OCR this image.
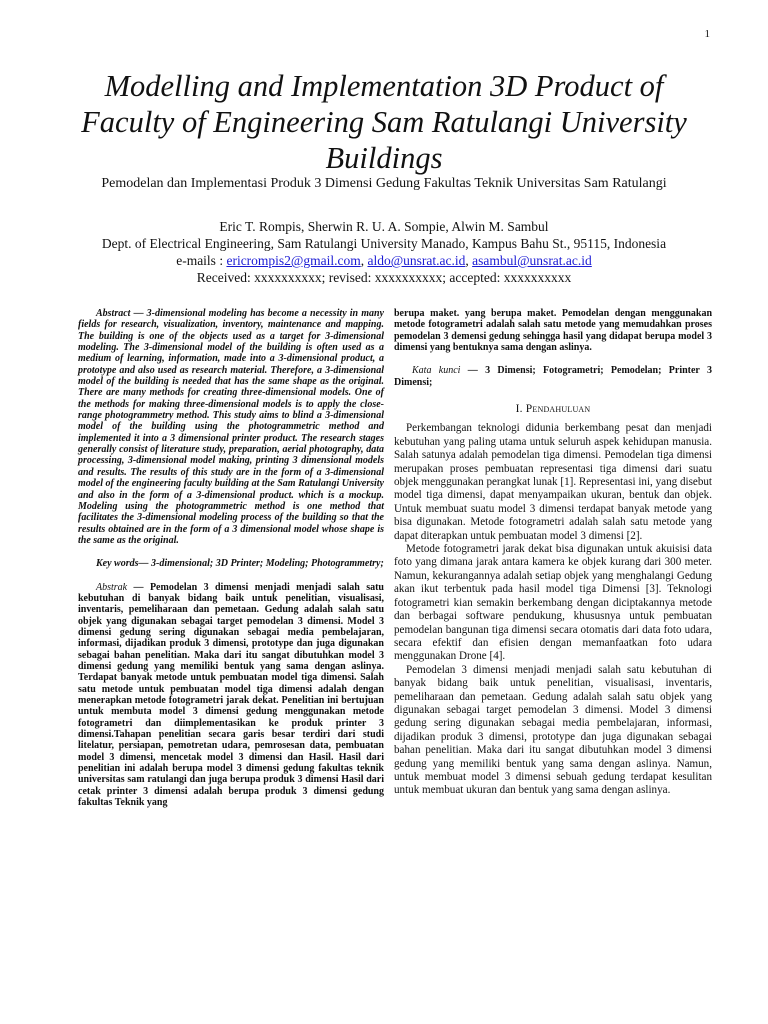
1
Modelling and Implementation 3D Product of Faculty of Engineering Sam Ratulangi University Buildings

Pemodelan dan Implementasi Produk 3 Dimensi Gedung Fakultas Teknik Universitas Sam Ratulangi

Eric T. Rompis, Sherwin R. U. A. Sompie, Alwin M. Sambul
Dept. of Electrical Engineering, Sam Ratulangi University Manado, Kampus Bahu St., 95115, Indonesia
e-mails : ericrompis2@gmail.com, aldo@unsrat.ac.id, asambul@unsrat.ac.id
Received: xxxxxxxxxx; revised: xxxxxxxxxx; accepted: xxxxxxxxxx

Abstract — 3-dimensional modeling has become a necessity in many fields for research, visualization, inventory, maintenance and mapping. The building is one of the objects used as a target for 3-dimensional modeling. The 3-dimensional model of the building is often used as a medium of learning, information, made into a 3-dimensional product, a prototype and also used as research material. Therefore, a 3-dimensional model of the building is needed that has the same shape as the original. There are many methods for creating three-dimensional models. One of the methods for making three-dimensional models is to apply the close-range photogrammetry method. This study aims to blind a 3-dimensional model of the building using the photogrammetric method and implemented it into a 3 dimensional printer product. The research stages generally consist of literature study, preparation, aerial photography, data processing, 3-dimensional model making, printing 3 dimensional models and results. The results of this study are in the form of a 3-dimensional model of the engineering faculty building at the Sam Ratulangi University and also in the form of a 3-dimensional product. which is a mockup. Modeling using the photogrammetric method is one method that facilitates the 3-dimensional modeling process of the building so that the results obtained are in the form of a 3 dimensional model whose shape is the same as the original.

Key words— 3-dimensional; 3D Printer; Modeling; Photogrammetry;

Abstrak — Pemodelan 3 dimensi menjadi menjadi salah satu kebutuhan di banyak bidang baik untuk penelitian, visualisasi, inventaris, pemeliharaan dan pemetaan. Gedung adalah salah satu objek yang digunakan sebagai target pemodelan 3 dimensi. Model 3 dimensi gedung sering digunakan sebagai media pembelajaran, informasi, dijadikan produk 3 dimensi, prototype dan juga digunakan sebagai bahan penelitian. Maka dari itu sangat dibutuhkan model 3 dimensi gedung yang memiliki bentuk yang sama dengan aslinya. Terdapat banyak metode untuk pembuatan model tiga dimensi. Salah satu metode untuk pembuatan model tiga dimensi adalah dengan menerapkan metode fotogrametri jarak dekat. Penelitian ini bertujuan untuk membuta model 3 dimensi gedung menggunakan metode fotogrametri dan diimplementasikan ke produk printer 3 dimensi.Tahapan penelitian secara garis besar terdiri dari studi litelatur, persiapan, pemotretan udara, pemrosesan data, pembuatan model 3 dimensi, mencetak model 3 dimensi dan Hasil. Hasil dari penelitian ini adalah berupa model 3 dimensi gedung fakultas teknik universitas sam ratulangi dan juga berupa produk 3 dimensi Hasil dari cetak printer 3 dimensi adalah berupa produk 3 dimensi gedung fakultas Teknik yang

berupa maket. yang berupa maket. Pemodelan dengan menggunakan metode fotogrametri adalah salah satu metode yang memudahkan proses pemodelan 3 demensi gedung sehingga hasil yang didapat berupa model 3 dimensi yang bentuknya sama dengan aslinya.

Kata kunci — 3 Dimensi; Fotogrametri; Pemodelan; Printer 3 Dimensi;

I. Pendahuluan

Perkembangan teknologi didunia berkembang pesat dan menjadi kebutuhan yang paling utama untuk seluruh aspek kehidupan manusia. Salah satunya adalah pemodelan tiga dimensi. Pemodelan tiga dimensi merupakan proses pembuatan representasi tiga dimensi dari suatu objek menggunakan perangkat lunak [1]. Representasi ini, yang disebut model tiga dimensi, dapat menyampaikan ukuran, bentuk dan objek. Untuk membuat suatu model 3 dimensi terdapat banyak metode yang bisa digunakan. Metode fotogrametri adalah salah satu metode yang dapat diterapkan untuk pembuatan model 3 dimensi [2].

Metode fotogrametri jarak dekat bisa digunakan untuk akuisisi data foto yang dimana jarak antara kamera ke objek kurang dari 300 meter. Namun, kekurangannya adalah setiap objek yang menghalangi Gedung akan ikut terbentuk pada hasil model tiga Dimensi [3]. Teknologi fotogrametri kian semakin berkembang dengan diciptakannya metode dan berbagai software pendukung, khususnya untuk pembuatan pemodelan bangunan tiga dimensi secara otomatis dari data foto udara, secara efektif dan efisien dengan memanfaatkan foto udara menggunakan Drone [4].

Pemodelan 3 dimensi menjadi menjadi salah satu kebutuhan di banyak bidang baik untuk penelitian, visualisasi, inventaris, pemeliharaan dan pemetaan. Gedung adalah salah satu objek yang digunakan sebagai target pemodelan 3 dimensi. Model 3 dimensi gedung sering digunakan sebagai media pembelajaran, informasi, dijadikan produk 3 dimensi, prototype dan juga digunakan sebagai bahan penelitian. Maka dari itu sangat dibutuhkan model 3 dimensi gedung yang memiliki bentuk yang sama dengan aslinya. Namun, untuk membuat model 3 dimensi sebuah gedung terdapat kesulitan untuk membuat ukuran dan bentuk yang sama dengan aslinya.
